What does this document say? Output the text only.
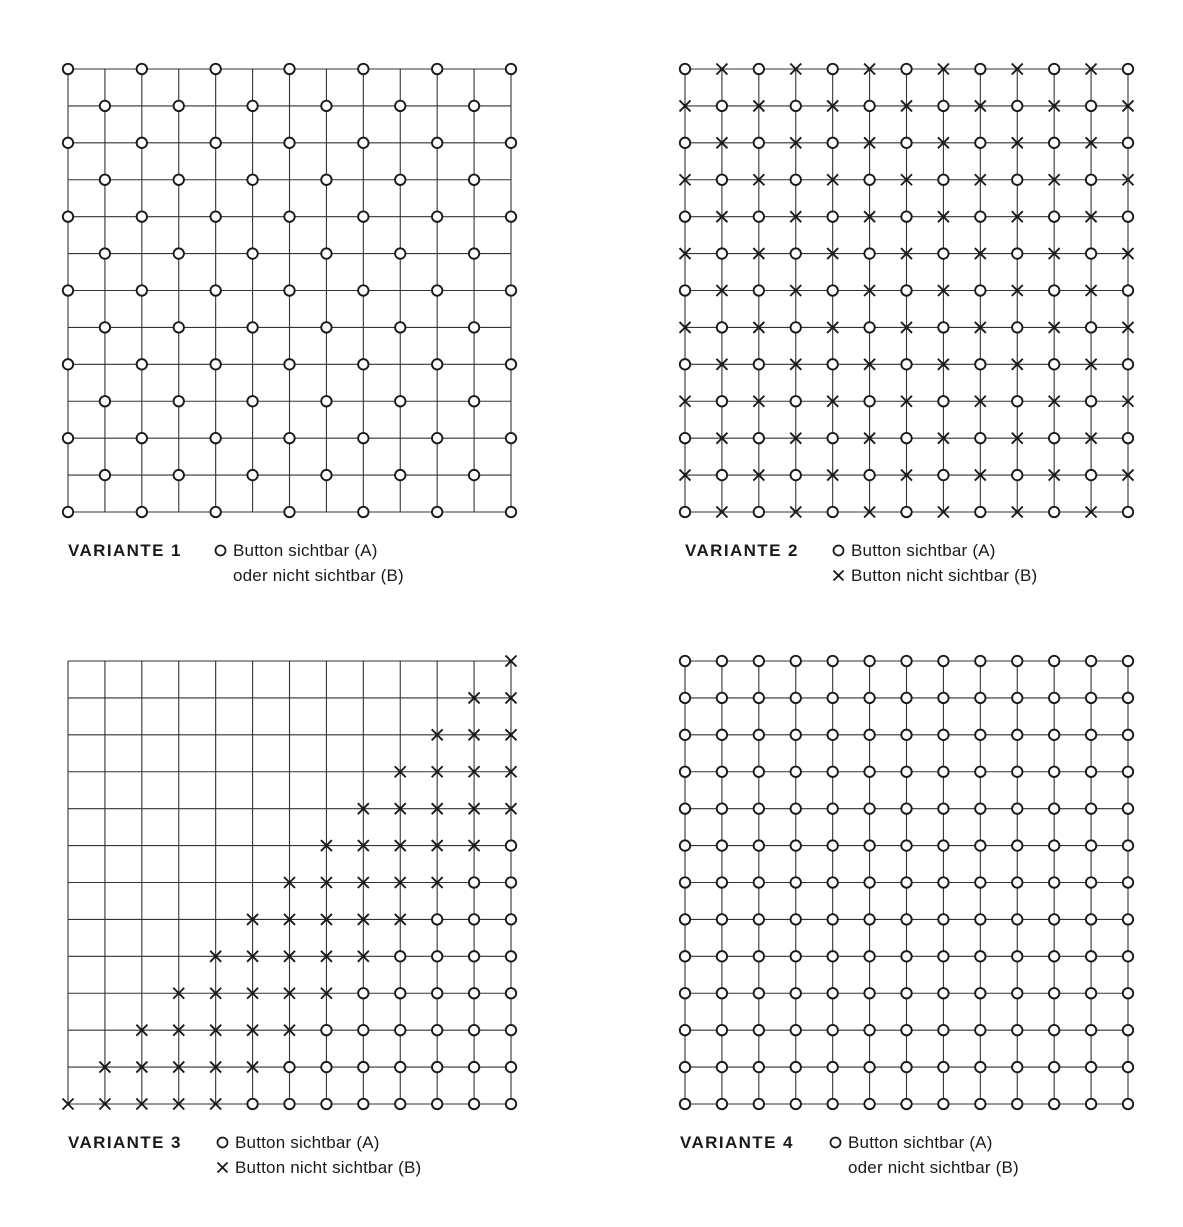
VARIANTE 1	Button sichtbar (A)
oder nicht sichtbar (B)
VARIANTE 2	Button sichtbar (A)
Button nicht sichtbar (B)
VARIANTE 3	Button sichtbar (A)
Button nicht sichtbar (B)
VARIANTE 4	Button sichtbar (A)
oder nicht sichtbar (B)
